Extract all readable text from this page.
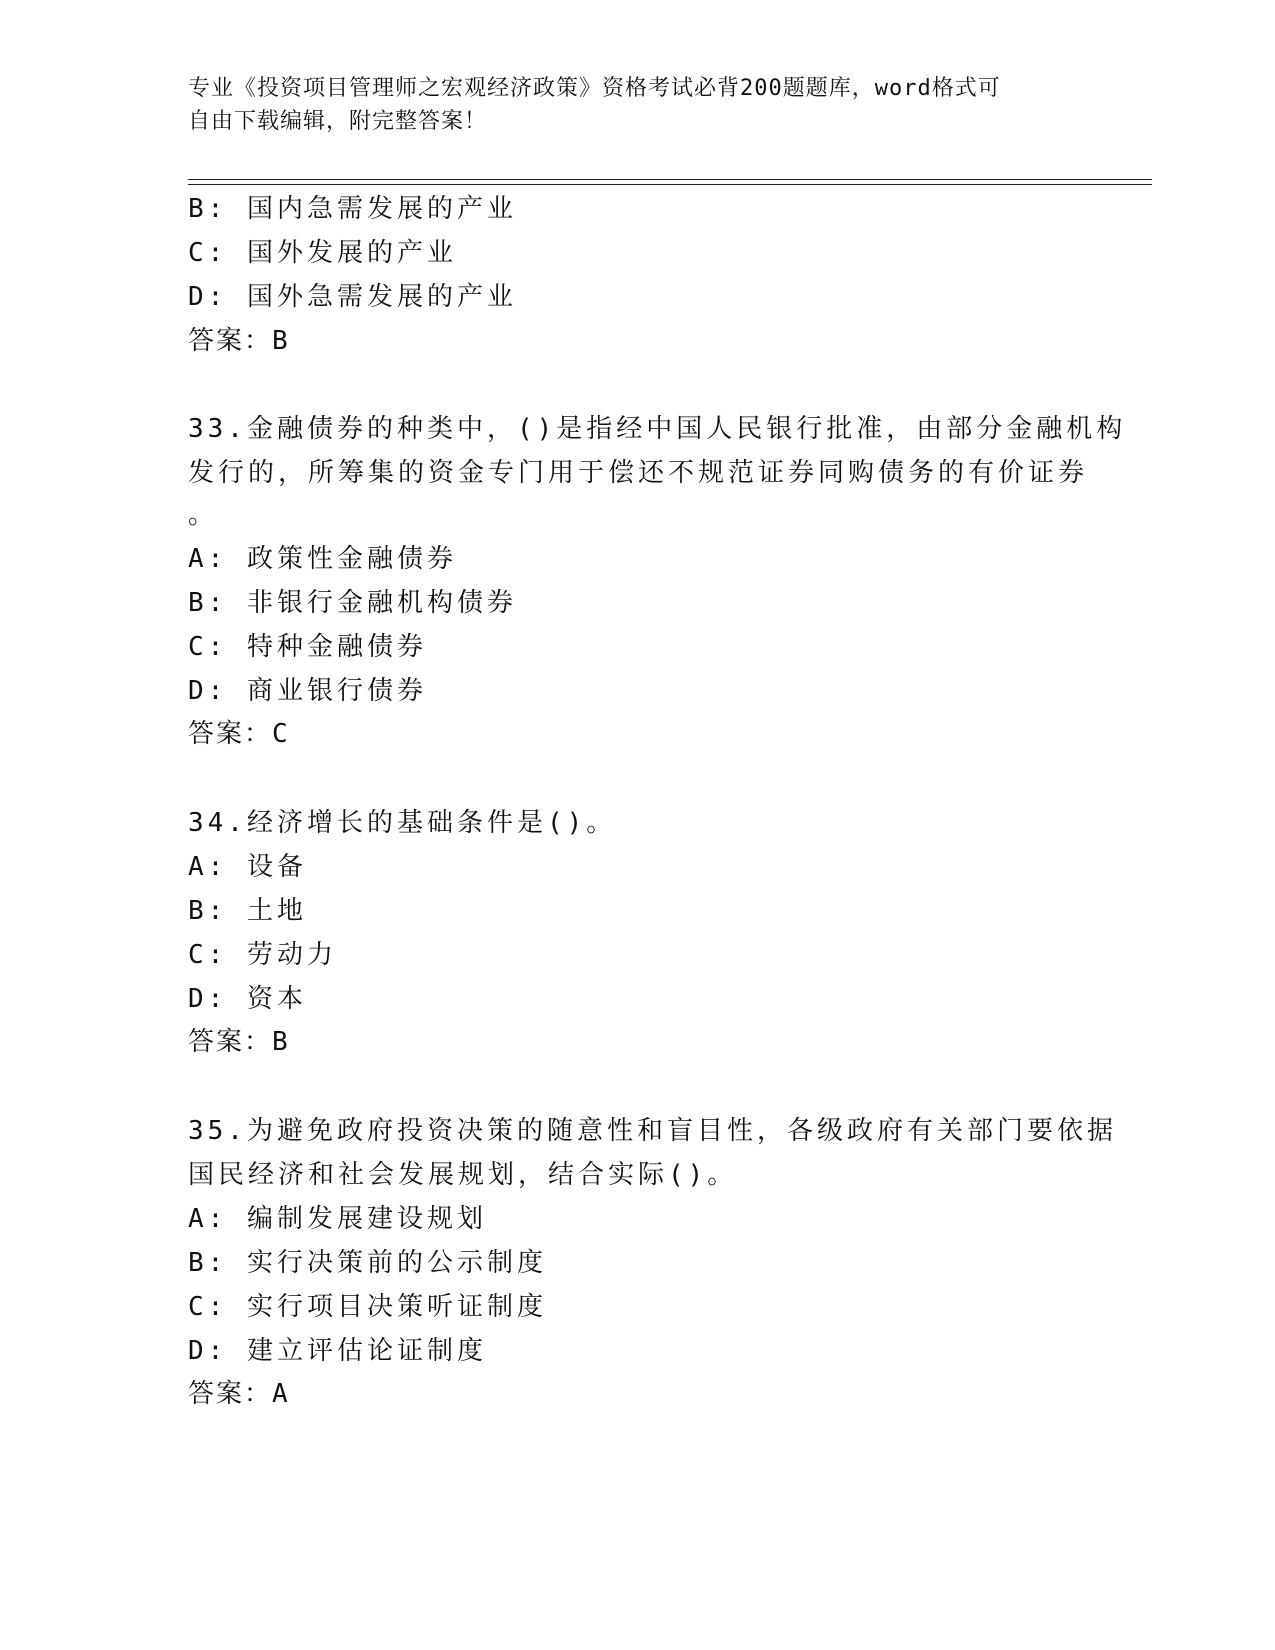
专业《投资项目管理师之宏观经济政策》资格考试必背200题题库，word格式可
自由下载编辑，附完整答案！
B: 国内急需发展的产业
C: 国外发展的产业
D: 国外急需发展的产业
答案：B
33.金融债券的种类中，()是指经中国人民银行批准，由部分金融机构
发行的，所筹集的资金专门用于偿还不规范证券同购债务的有价证券
。
A: 政策性金融债券
B: 非银行金融机构债券
C: 特种金融债券
D: 商业银行债券
答案：C
34.经济增长的基础条件是()。
A: 设备
B: 土地
C: 劳动力
D: 资本
答案：B
35.为避免政府投资决策的随意性和盲目性，各级政府有关部门要依据
国民经济和社会发展规划，结合实际()。
A: 编制发展建设规划
B: 实行决策前的公示制度
C: 实行项目决策听证制度
D: 建立评估论证制度
答案：A
